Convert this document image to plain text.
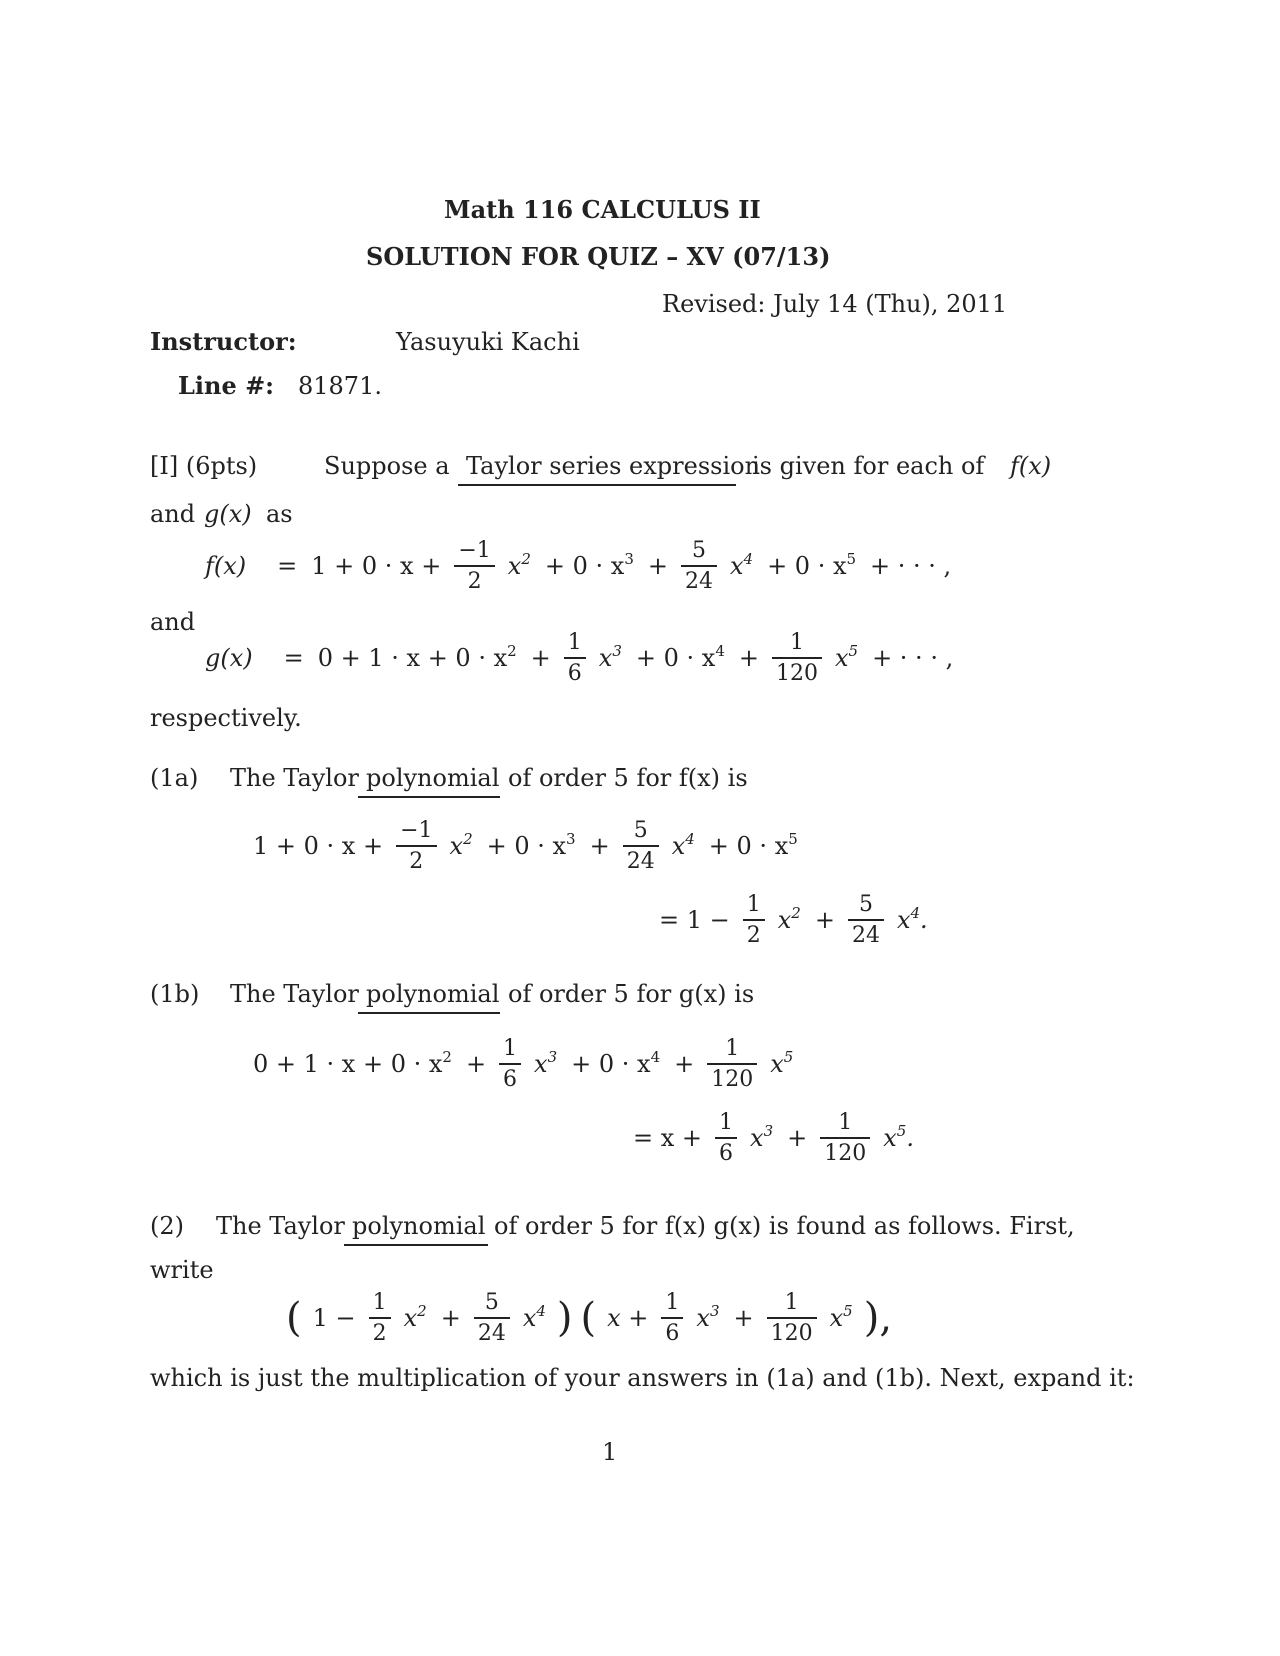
Math 116 CALCULUS II
SOLUTION FOR QUIZ – XV (07/13)
Revised: July 14 (Thu), 2011
Instructor:	Yasuyuki Kachi
Line #: 81871.
[I] (6pts)	Suppose a Taylor series expression
is given for each of f(x)
and g(x) as
$f(x) = 1 + 0 \cdot x + \frac{-1}{2} x^2 + 0 \cdot x^3 + \frac{5}{24} x^4 + 0 \cdot x^5$ + · · · ,
and
$g(x) = 0 + 1 \cdot x + 0 \cdot x^2 + \frac{1}{6} x^3 + 0 \cdot x^4 + \frac{1}{120} x^5$ + · · · ,
respectively.
(1a) The Taylor polynomial of order 5 for f(x) is
$1 + 0 \cdot x + \frac{-1}{2} x^2 + 0 \cdot x^3 + \frac{5}{24} x^4 + 0 \cdot x^5$
= $1 - \frac{1}{2} x^2 + \frac{5}{24} x^4$.
(1b) The Taylor polynomial of order 5 for g(x) is
$0 + 1 \cdot x + 0 \cdot x^2 + \frac{1}{6} x^3 + 0 \cdot x^4 + \frac{1}{120} x^5$
= $x + \frac{1}{6} x^3 + \frac{1}{120} x^5$.
(2) The Taylor polynomial of order 5 for f(x) g(x) is found as follows. First,
write
( $1 - \frac{1}{2} x^2 + \frac{5}{24} x^4$ ) ( $x + \frac{1}{6} x^3 + \frac{1}{120} x^5$ ),
which is just the multiplication of your answers in (1a) and (1b). Next, expand it:
1
